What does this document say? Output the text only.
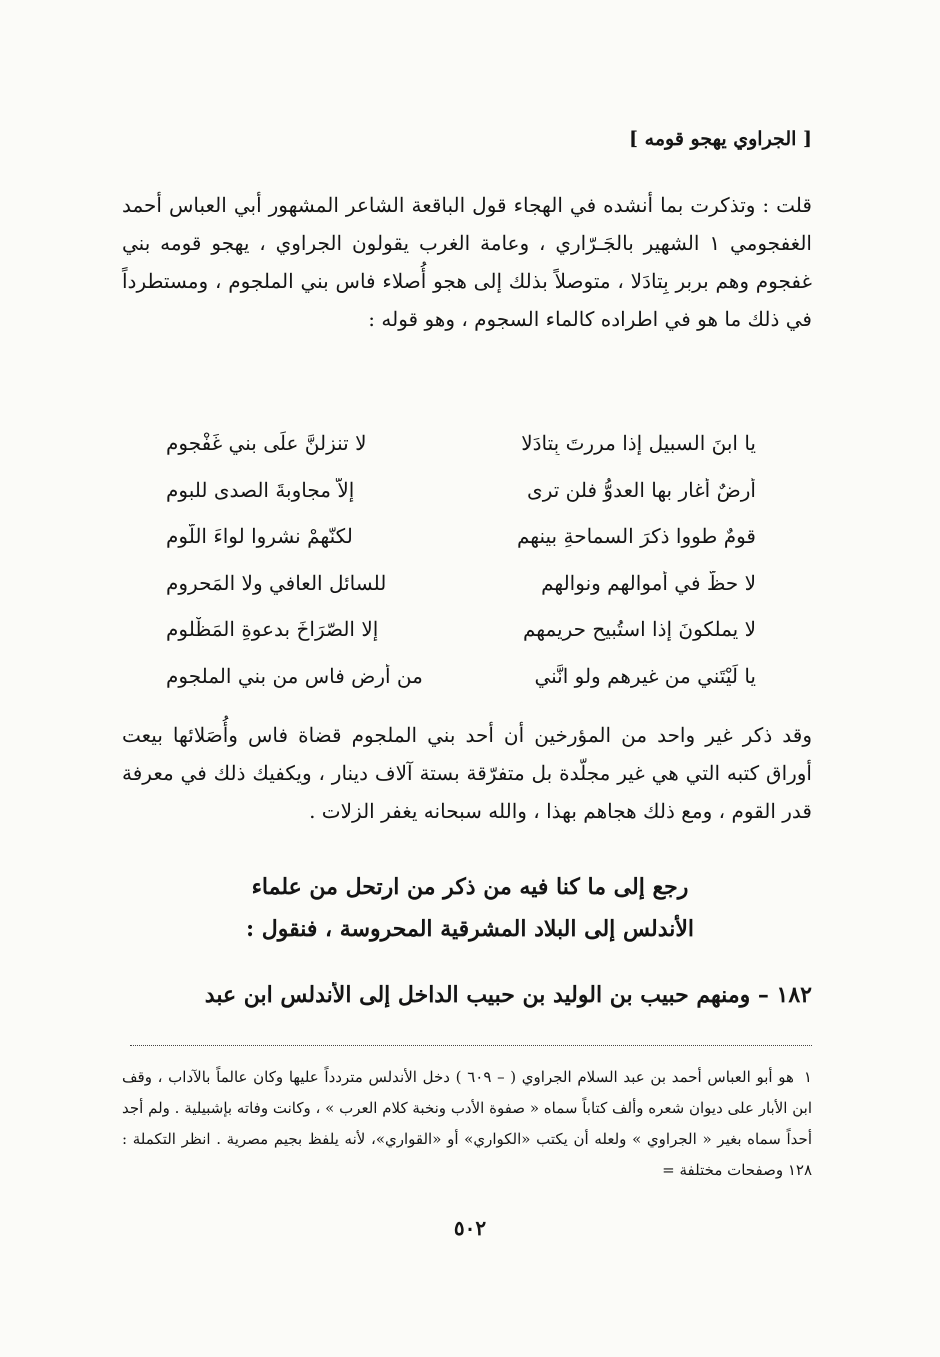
[ الجراوي يهجو قومه ]
قلت : وتذكرت بما أنشده في الهجاء قول الباقعة الشاعر المشهور أبي العباس أحمد الغفجومي ١ الشهير بالجَـرّاري ، وعامة الغرب يقولون الجراوي ، يهجو قومه بني غفجوم وهم بربر بِتادَلا ، متوصلاً بذلك إلى هجو أُصلاء فاس بني الملجوم ، ومستطرداً في ذلك ما هو في اطراده كالماء السجوم ، وهو قوله :
يا ابنَ السبيل إذا مررتَ بِتادَلا
لا تنزلنَّ علَى بني غَفْجوم
أرضٌ أغار بها العدوُّ فلن ترى
إلاّ مجاوبةَ الصدى للبوم
قومٌ طووا ذكرَ السماحةِ بينهم
لكنّهمْ نشروا لواءَ اللُّوم
لا حظَّ في أموالهم ونوالهم
للسائل العافي ولا المَحروم
لا يملكونَ إذا استُبيح حريمهم
إلا الصّرَاخَ بدعوةِ المَظْلوم
يا لَيْتَني من غيرهم ولو انَّني
من أرضِ فاسٍ من بني الملجوم
وقد ذكر غير واحد من المؤرخين أن أحد بني الملجوم قضاة فاس وأُصَلائها بيعت أوراق كتبه التي هي غير مجلّدة بل متفرّقة بستة آلاف دينار ، ويكفيك ذلك في معرفة قدر القوم ، ومع ذلك هجاهم بهذا ، والله سبحانه يغفر الزلات .
رجع إلى ما كنا فيه من ذكر من ارتحل من علماء
الأندلس إلى البلاد المشرقية المحروسة ، فنقول :
١٨٢ – ومنهم حبيب بن الوليد بن حبيب الداخل إلى الأندلس ابن عبد
١هو أبو العباس أحمد بن عبد السلام الجراوي ( – ٦٠٩ ) دخل الأندلس متردداً عليها وكان عالماً بالآداب ، وقف ابن الأبار على ديوان شعره وألف كتاباً سماه « صفوة الأدب ونخبة كلام العرب » ، وكانت وفاته بإشبيلية . ولم أجد أحداً سماه بغير « الجراوي » ولعله أن يكتب «الكواري» أو «القواري»، لأنه يلفظ بجيم مصرية . انظر التكملة : ١٢٨ وصفحات مختلفة =
٥٠٢
